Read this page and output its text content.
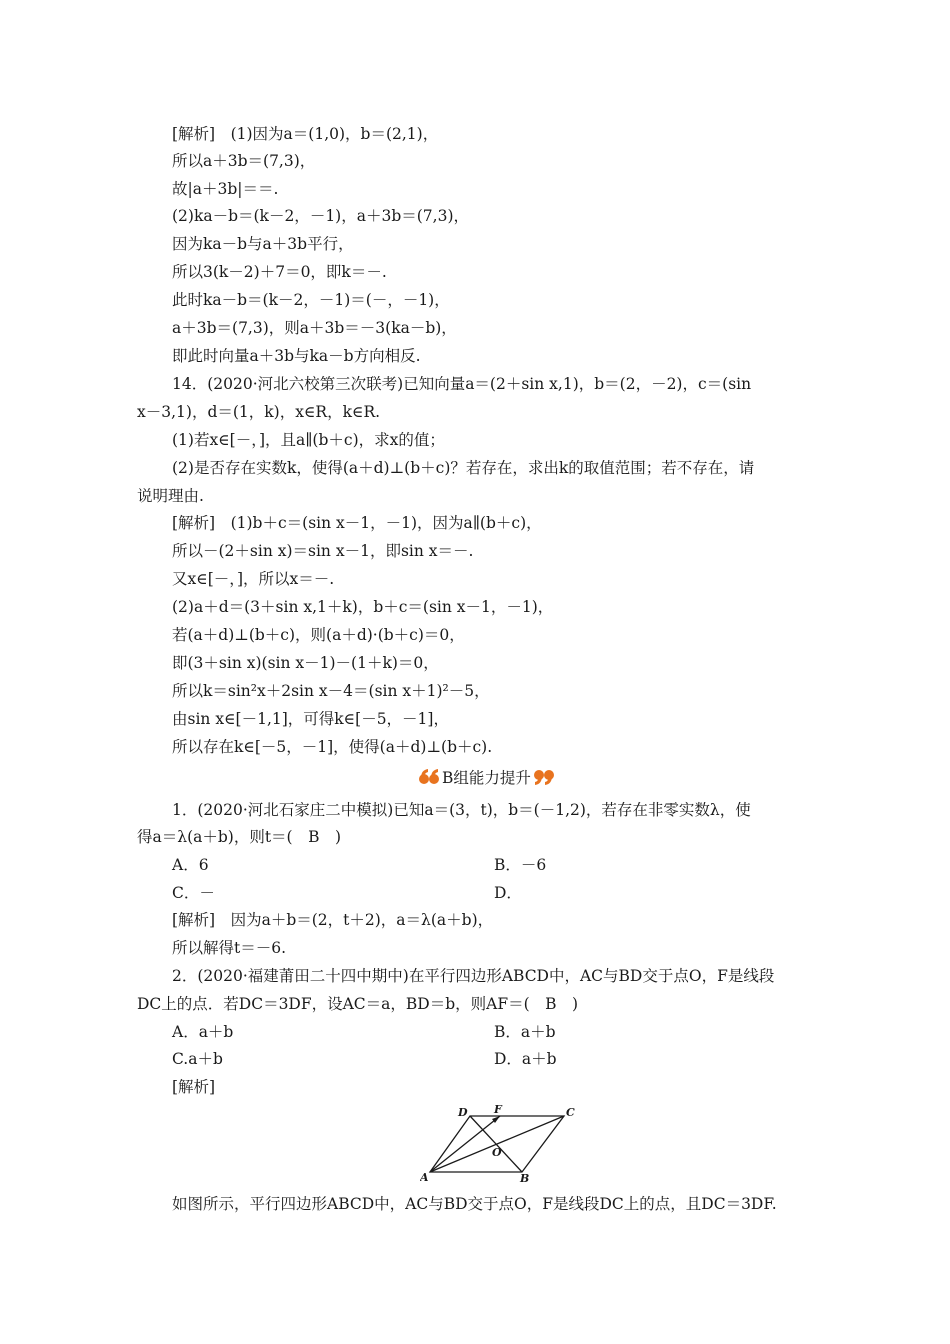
[解析]　(1)因为a＝(1,0)，b＝(2,1)，
所以a＋3b＝(7,3)，
故|a＋3b|＝＝.
(2)ka－b＝(k－2，－1)，a＋3b＝(7,3)，
因为ka－b与a＋3b平行，
所以3(k－2)＋7＝0，即k＝－.
此时ka－b＝(k－2，－1)＝(－，－1)，
a＋3b＝(7,3)，则a＋3b＝－3(ka－b)，
即此时向量a＋3b与ka－b方向相反.
14．(2020·河北六校第三次联考)已知向量a＝(2＋sin x,1)，b＝(2，－2)，c＝(sin
x－3,1)，d＝(1，k)，x∈R，k∈R.
(1)若x∈[－，]，且a∥(b＋c)，求x的值；
(2)是否存在实数k，使得(a＋d)⊥(b＋c)？若存在，求出k的取值范围；若不存在，请
说明理由.
[解析]　(1)b＋c＝(sin x－1，－1)，因为a∥(b＋c)，
所以－(2＋sin x)＝sin x－1，即sin x＝－.
又x∈[－，]，所以x＝－.
(2)a＋d＝(3＋sin x,1＋k)，b＋c＝(sin x－1，－1)，
若(a＋d)⊥(b＋c)，则(a＋d)·(b＋c)＝0，
即(3＋sin x)(sin x－1)－(1＋k)＝0，
所以k＝sin²x＋2sin x－4＝(sin x＋1)²－5，
由sin x∈[－1,1]，可得k∈[－5，－1]，
所以存在k∈[－5，－1]，使得(a＋d)⊥(b＋c).
B组能力提升
1．(2020·河北石家庄二中模拟)已知a＝(3，t)，b＝(－1,2)，若存在非零实数λ，使
得a＝λ(a＋b)，则t＝(　B　)
A．6	B．－6
C．－	D．
[解析]　因为a＋b＝(2，t＋2)，a＝λ(a＋b)，
所以解得t＝－6.
2．(2020·福建莆田二十四中期中)在平行四边形ABCD中，AC与BD交于点O，F是线段
DC上的点．若DC＝3DF，设AC＝a，BD＝b，则AF＝(　B　)
A．a＋b	B．a＋b
C.a＋b	D．a＋b
[解析]
A	B
C
D
O
F
如图所示，平行四边形ABCD中，AC与BD交于点O，F是线段DC上的点，且DC＝3DF.
